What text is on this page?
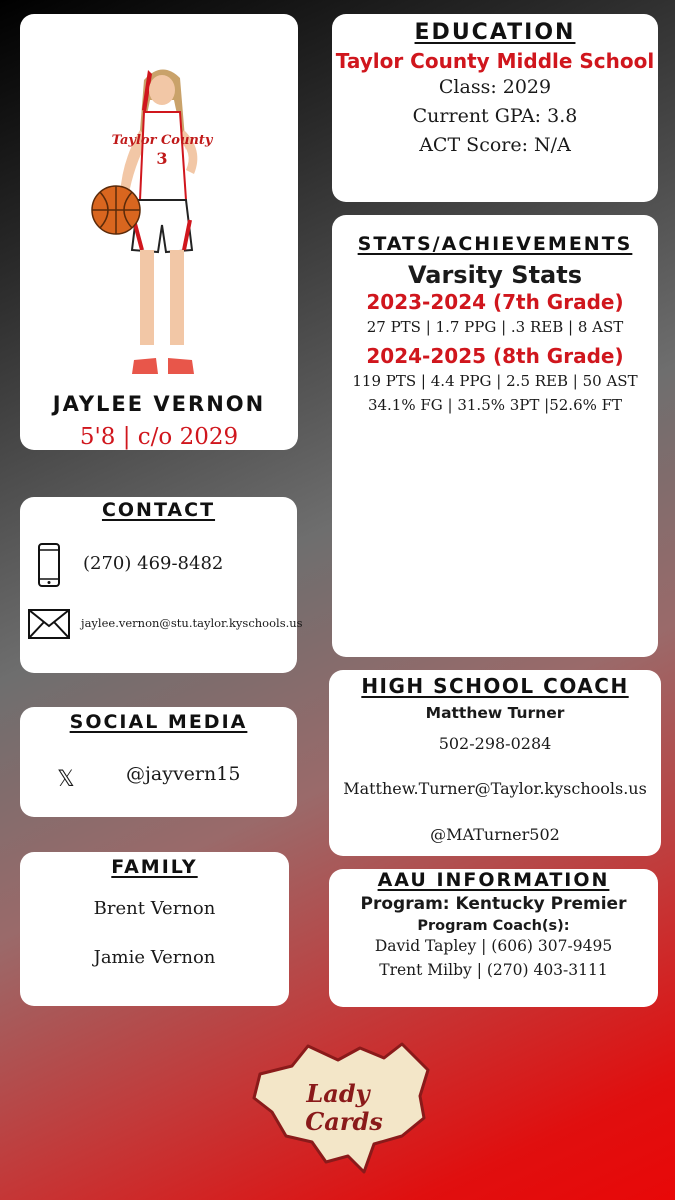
Taylor County
3
JAYLEE VERNON
5'8 | c/o 2029
EDUCATION
Taylor County Middle School
Class: 2029
Current GPA: 3.8
ACT Score: N/A
STATS/ACHIEVEMENTS
Varsity Stats
2023-2024 (7th Grade)
27 PTS | 1.7 PPG | .3 REB | 8 AST
2024-2025 (8th Grade)
119 PTS | 4.4 PPG | 2.5 REB | 50 AST
34.1% FG | 31.5% 3PT |52.6% FT
CONTACT
(270) 469-8482
jaylee.vernon@stu.taylor.kyschools.us
SOCIAL MEDIA
𝕏	@jayvern15
FAMILY
Brent Vernon
Jamie Vernon
HIGH SCHOOL COACH
Matthew Turner
502-298-0284
Matthew.Turner@Taylor.kyschools.us
@MATurner502
AAU INFORMATION
Program: Kentucky Premier
Program Coach(s):
David Tapley | (606) 307-9495
Trent Milby | (270) 403-3111
Lady
Cards
